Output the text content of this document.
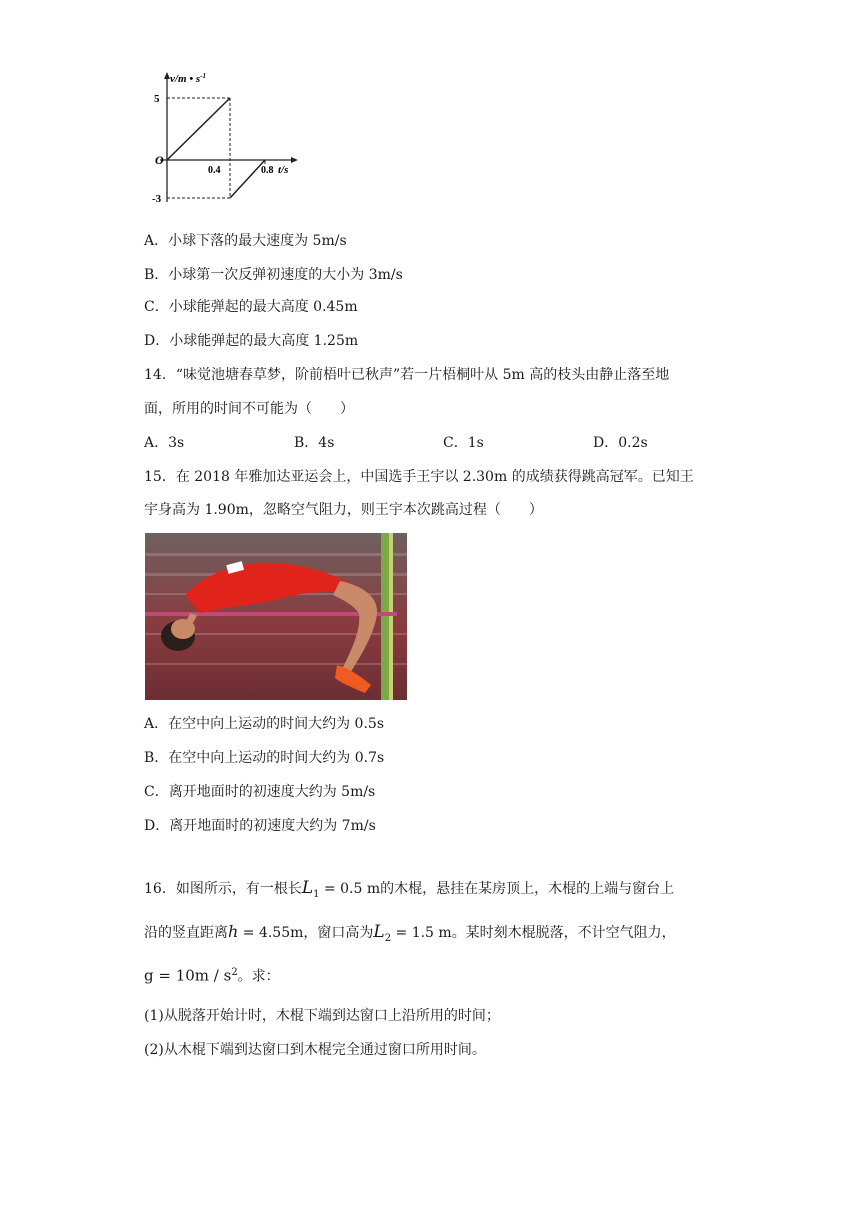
v/m • $s^{-1}$
5
O
-3
0.4	0.8 t/s
A．小球下落的最大速度为 5m/s
B．小球第一次反弹初速度的大小为 3m/s
C．小球能弹起的最大高度 0.45m
D．小球能弹起的最大高度 1.25m
14．“味觉池塘春草梦，阶前梧叶已秋声”若一片梧桐叶从 5m 高的枝头由静止落至地
面，所用的时间不可能为（　　）
A．3s	B．4s	C．1s	D．0.2s
15．在 2018 年雅加达亚运会上，中国选手王宇以 2.30m 的成绩获得跳高冠军。已知王
宇身高为 1.90m，忽略空气阻力，则王宇本次跳高过程（　　）
A．在空中向上运动的时间大约为 0.5s
B．在空中向上运动的时间大约为 0.7s
C．离开地面时的初速度大约为 5m/s
D．离开地面时的初速度大约为 7m/s
16．如图所示，有一根长$L_1 = 0.5$ m的木棍，悬挂在某房顶上，木棍的上端与窗台上
沿的竖直距离h = 4.55m，窗口高为$L_2 = 1.5$ m。某时刻木棍脱落，不计空气阻力，
$g = 10m / s^2$。求：
(1)从脱落开始计时，木棍下端到达窗口上沿所用的时间；
(2)从木棍下端到达窗口到木棍完全通过窗口所用时间。
